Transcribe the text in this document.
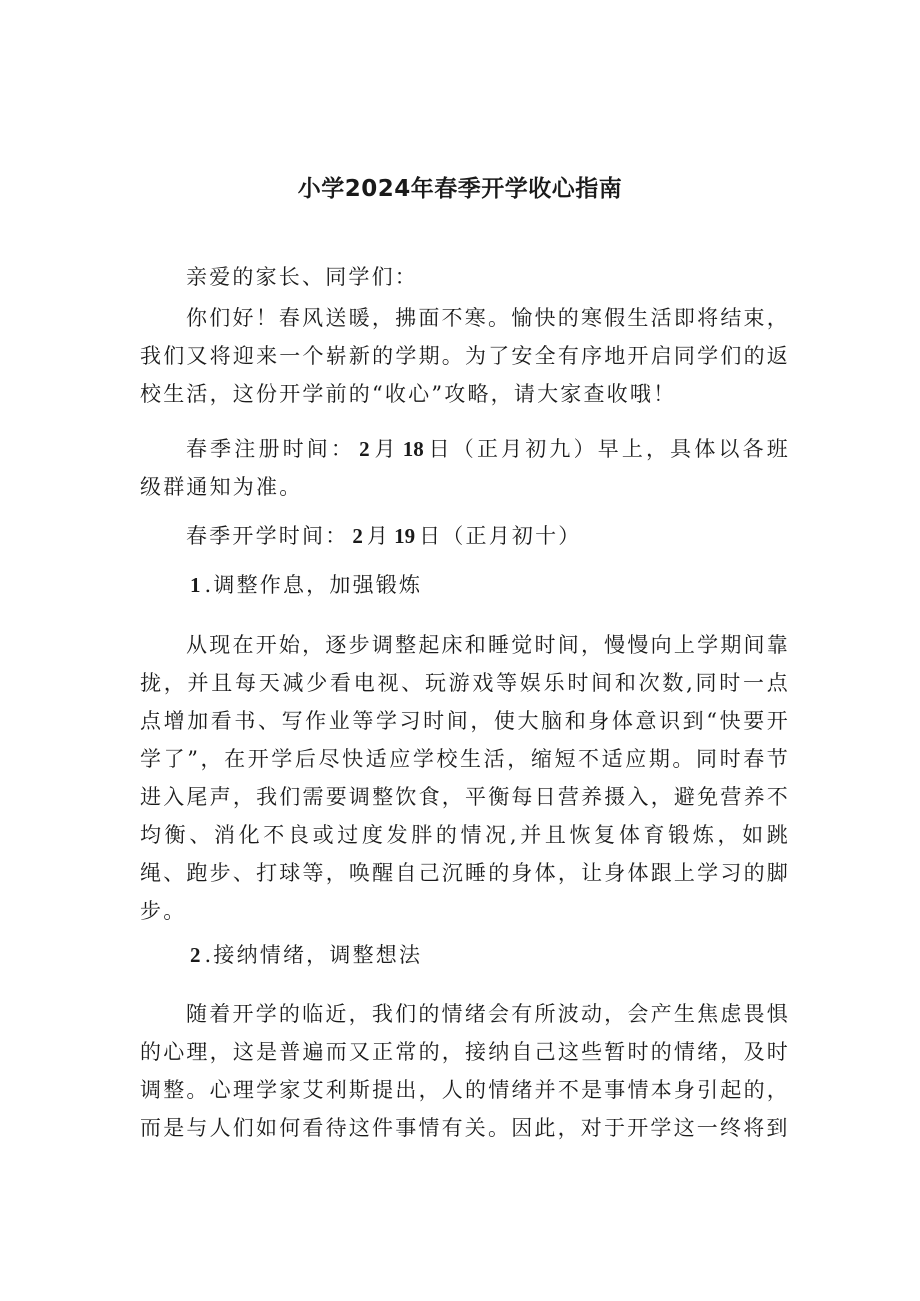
小学2024年春季开学收心指南
亲爱的家长、同学们：
你们好！春风送暖，拂面不寒。愉快的寒假生活即将结束，我们又将迎来一个崭新的学期。为了安全有序地开启同学们的返校生活，这份开学前的“收心”攻略，请大家查收哦！
春季注册时间： 2 月 18 日（正月初九）早上，具体以各班级群通知为准。
春季开学时间： 2 月 19 日（正月初十）
1 .调整作息，加强锻炼
从现在开始，逐步调整起床和睡觉时间，慢慢向上学期间靠拢，并且每天减少看电视、玩游戏等娱乐时间和次数,同时一点点增加看书、写作业等学习时间，使大脑和身体意识到“快要开学了”，在开学后尽快适应学校生活，缩短不适应期。同时春节进入尾声，我们需要调整饮食，平衡每日营养摄入，避免营养不均衡、消化不良或过度发胖的情况,并且恢复体育锻炼，如跳绳、跑步、打球等，唤醒自己沉睡的身体，让身体跟上学习的脚步。
2 .接纳情绪，调整想法
随着开学的临近，我们的情绪会有所波动，会产生焦虑畏惧的心理，这是普遍而又正常的，接纳自己这些暂时的情绪，及时调整。心理学家艾利斯提出，人的情绪并不是事情本身引起的，而是与人们如何看待这件事情有关。因此，对于开学这一终将到
